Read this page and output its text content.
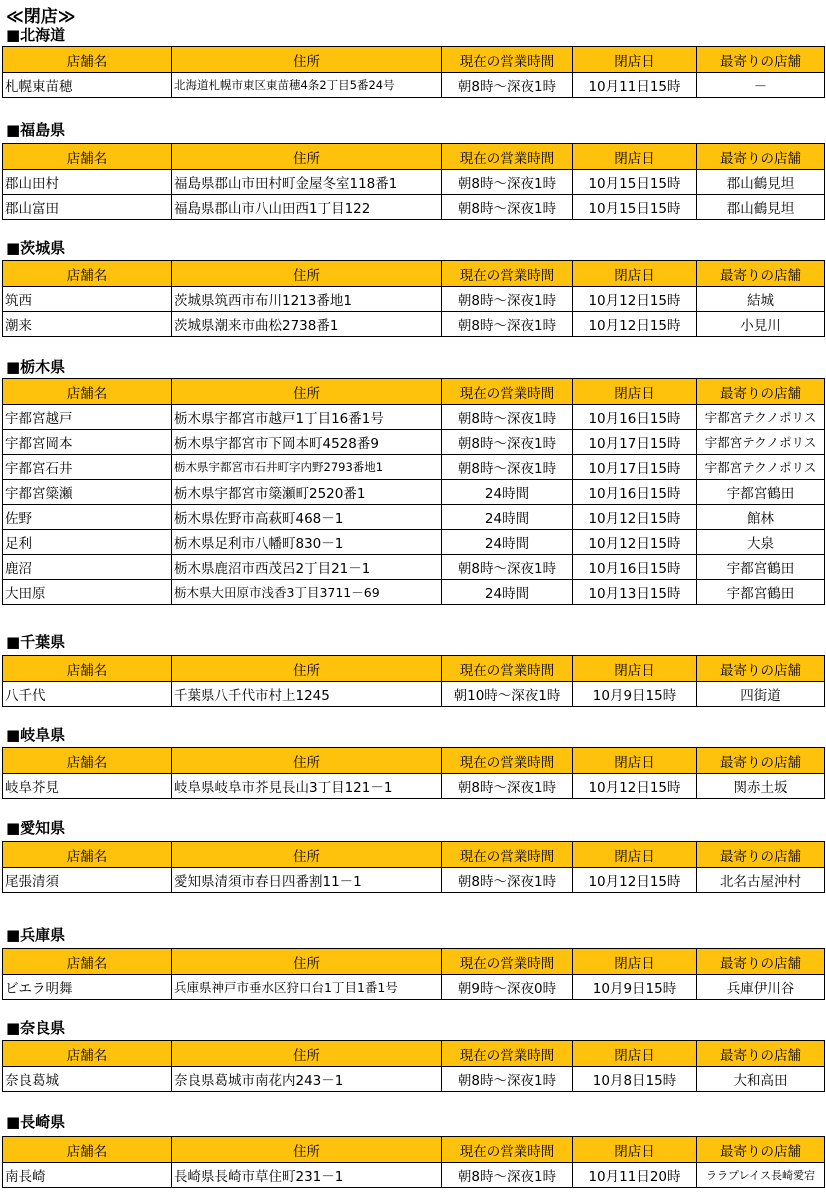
≪閉店≫
■北海道
店舗名	住所	現在の営業時間	閉店日	最寄りの店舗
札幌東苗穂	北海道札幌市東区東苗穂4条2丁目5番24号	朝8時～深夜1時	10月11日15時	－
■福島県
店舗名	住所	現在の営業時間	閉店日	最寄りの店舗
郡山田村	福島県郡山市田村町金屋冬室118番1	朝8時～深夜1時	10月15日15時	郡山鶴見坦
郡山富田	福島県郡山市八山田西1丁目122	朝8時～深夜1時	10月15日15時	郡山鶴見坦
■茨城県
店舗名	住所	現在の営業時間	閉店日	最寄りの店舗
筑西	茨城県筑西市布川1213番地1	朝8時～深夜1時	10月12日15時	結城
潮来	茨城県潮来市曲松2738番1	朝8時～深夜1時	10月12日15時	小見川
■栃木県
店舗名	住所	現在の営業時間	閉店日	最寄りの店舗
宇都宮越戸	栃木県宇都宮市越戸1丁目16番1号	朝8時～深夜1時	10月16日15時	宇都宮テクノポリス
宇都宮岡本	栃木県宇都宮市下岡本町4528番9	朝8時～深夜1時	10月17日15時	宇都宮テクノポリス
宇都宮石井	栃木県宇都宮市石井町字内野2793番地1	朝8時～深夜1時	10月17日15時	宇都宮テクノポリス
宇都宮簗瀬	栃木県宇都宮市簗瀬町2520番1	24時間	10月16日15時	宇都宮鶴田
佐野	栃木県佐野市高萩町468－1	24時間	10月12日15時	館林
足利	栃木県足利市八幡町830－1	24時間	10月12日15時	大泉
鹿沼	栃木県鹿沼市西茂呂2丁目21－1	朝8時～深夜1時	10月16日15時	宇都宮鶴田
大田原	栃木県大田原市浅香3丁目3711－69	24時間	10月13日15時	宇都宮鶴田
■千葉県
店舗名	住所	現在の営業時間	閉店日	最寄りの店舗
八千代	千葉県八千代市村上1245	朝10時～深夜1時	10月9日15時	四街道
■岐阜県
店舗名	住所	現在の営業時間	閉店日	最寄りの店舗
岐阜芥見	岐阜県岐阜市芥見長山3丁目121－1	朝8時～深夜1時	10月12日15時	関赤土坂
■愛知県
店舗名	住所	現在の営業時間	閉店日	最寄りの店舗
尾張清須	愛知県清須市春日四番割11－1	朝8時～深夜1時	10月12日15時	北名古屋沖村
■兵庫県
店舗名	住所	現在の営業時間	閉店日	最寄りの店舗
ビエラ明舞	兵庫県神戸市垂水区狩口台1丁目1番1号	朝9時～深夜0時	10月9日15時	兵庫伊川谷
■奈良県
店舗名	住所	現在の営業時間	閉店日	最寄りの店舗
奈良葛城	奈良県葛城市南花内243－1	朝8時～深夜1時	10月8日15時	大和高田
■長崎県
店舗名	住所	現在の営業時間	閉店日	最寄りの店舗
南長崎	長崎県長崎市草住町231－1	朝8時～深夜1時	10月11日20時	ララプレイス長崎愛宕
